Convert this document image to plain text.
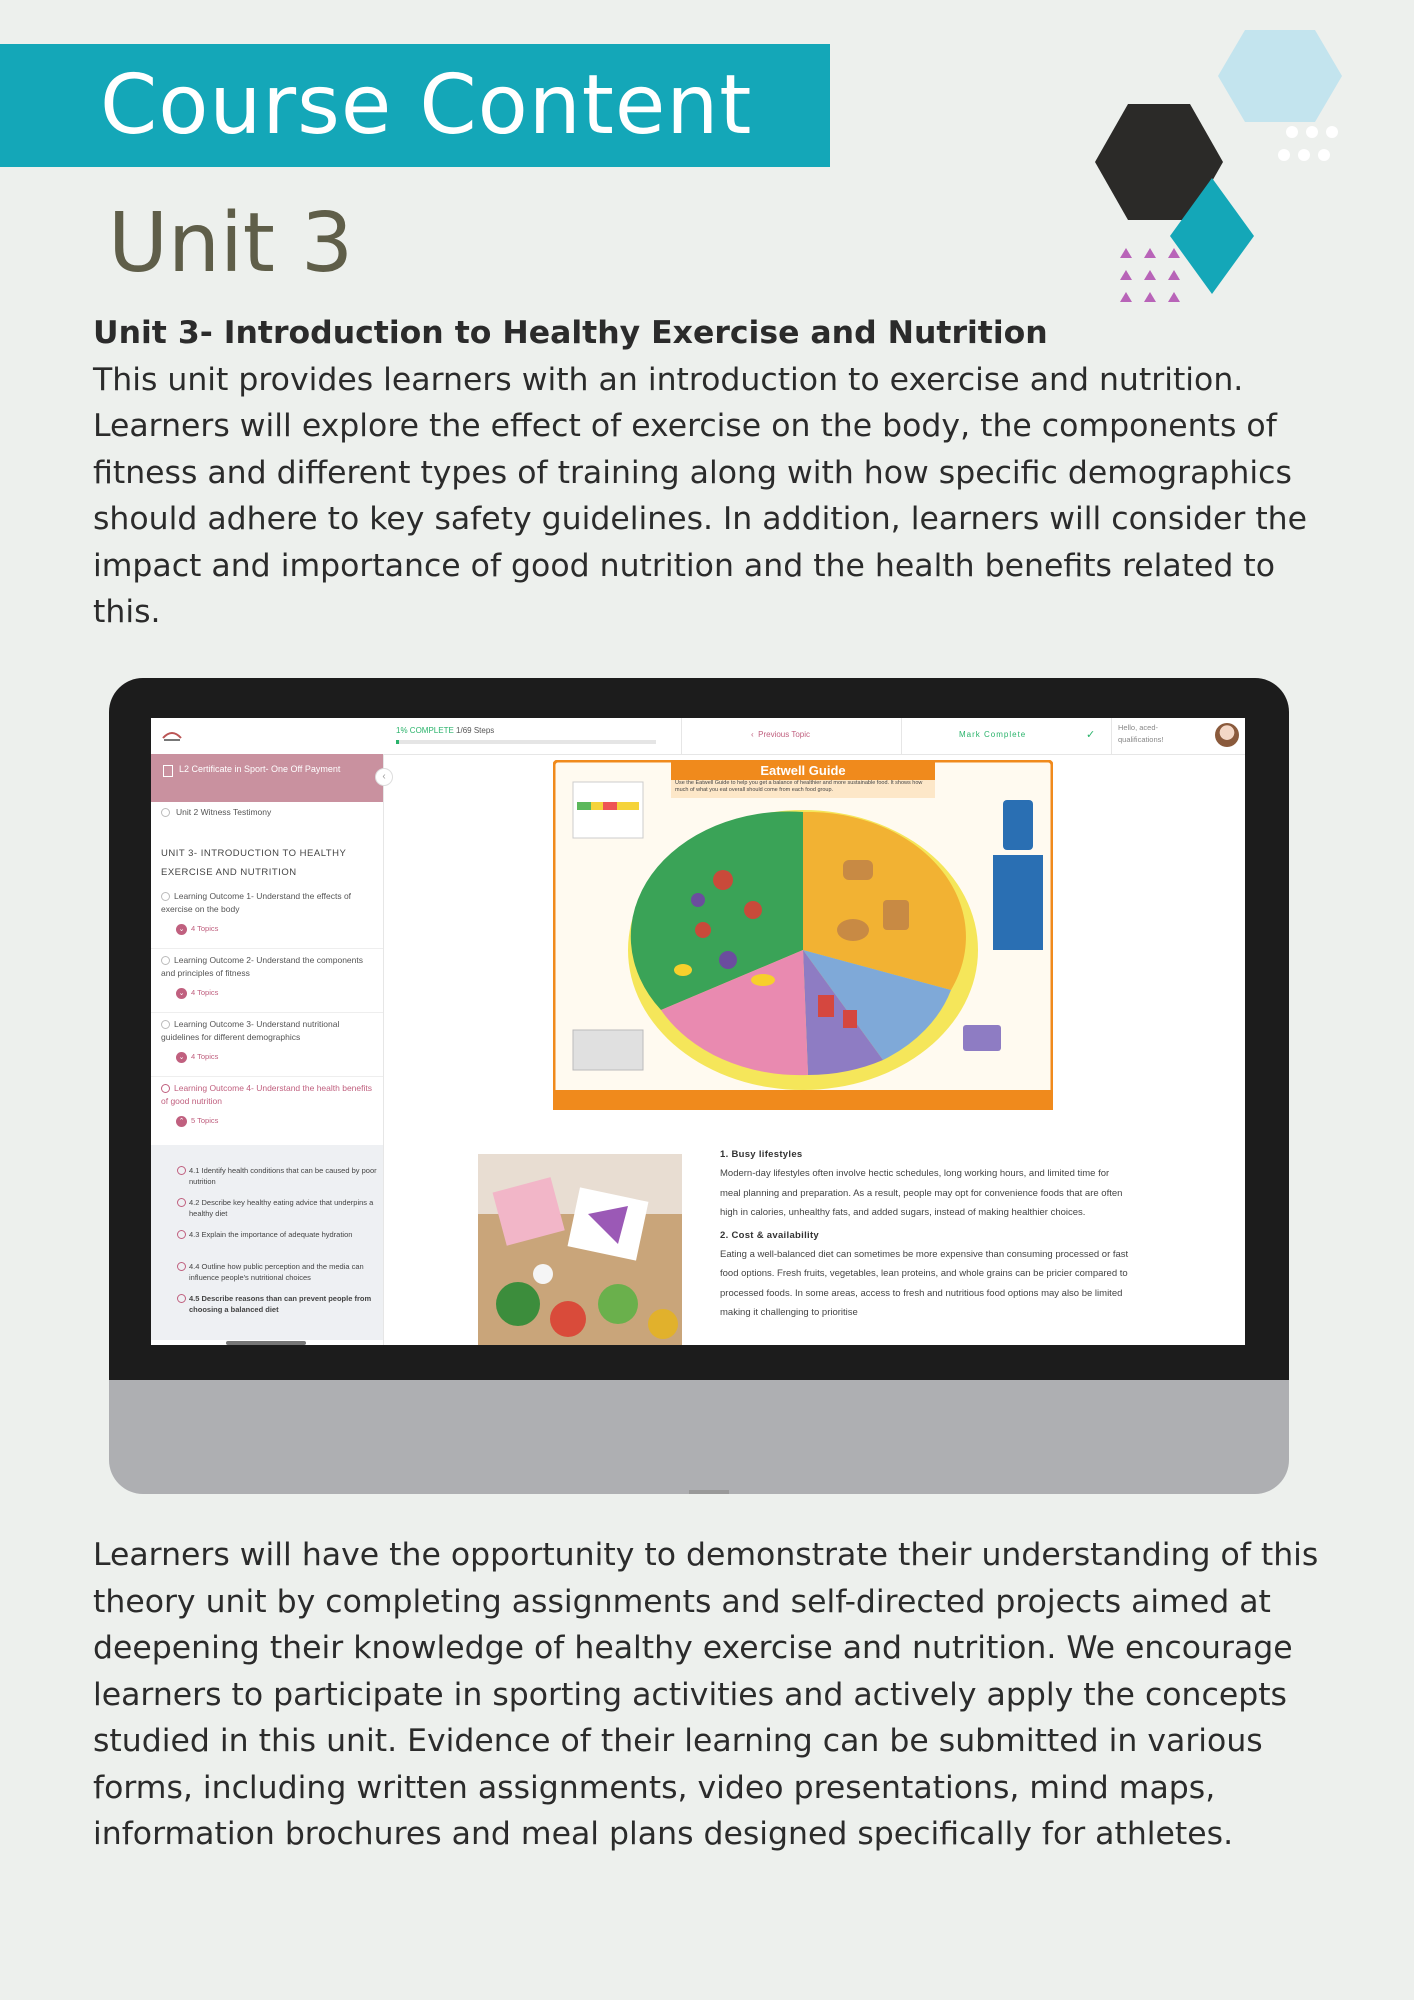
Course Content
Unit 3
Unit 3- Introduction to Healthy Exercise and Nutrition
This unit provides learners with an introduction to exercise and nutrition. Learners will explore the effect of exercise on the body, the components of fitness and different types of training along with how specific demographics should adhere to key safety guidelines. In addition, learners will consider the impact and importance of good nutrition and the health benefits related to this.
1% COMPLETE 1/69 Steps	‹ Previous Topic	Mark Complete	✓
Hello, aced-qualifications!
L2 Certificate in Sport- One Off Payment
‹
Unit 2 Witness Testimony
UNIT 3- INTRODUCTION TO HEALTHY EXERCISE AND NUTRITION
Learning Outcome 1- Understand the effects of exercise on the body
⌄ 4 Topics
Learning Outcome 2- Understand the components and principles of fitness
⌄ 4 Topics
Learning Outcome 3- Understand nutritional guidelines for different demographics
⌄ 4 Topics
Learning Outcome 4- Understand the health benefits of good nutrition
⌃ 5 Topics
4.1 Identify health conditions that can be caused by poor nutrition
4.2 Describe key healthy eating advice that underpins a healthy diet
4.3 Explain the importance of adequate hydration
4.4 Outline how public perception and the media can influence people's nutritional choices
4.5 Describe reasons than can prevent people from choosing a balanced diet
Eatwell Guide
Use the Eatwell Guide to help you get a balance of healthier and more sustainable food. It shows how much of what you eat overall should come from each food group.
1. Busy lifestyles

Modern-day lifestyles often involve hectic schedules, long working hours, and limited time for meal planning and preparation. As a result, people may opt for convenience foods that are often high in calories, unhealthy fats, and added sugars, instead of making healthier choices.

2. Cost & availability

Eating a well-balanced diet can sometimes be more expensive than consuming processed or fast food options. Fresh fruits, vegetables, lean proteins, and whole grains can be pricier compared to processed foods. In some areas, access to fresh and nutritious food options may also be limited making it challenging to prioritise

Learners will have the opportunity to demonstrate their understanding of this theory unit by completing assignments and self-directed projects aimed at deepening their knowledge of healthy exercise and nutrition. We encourage learners to participate in sporting activities and actively apply the concepts studied in this unit. Evidence of their learning can be submitted in various forms, including written assignments, video presentations, mind maps, information brochures and meal plans designed specifically for athletes.
